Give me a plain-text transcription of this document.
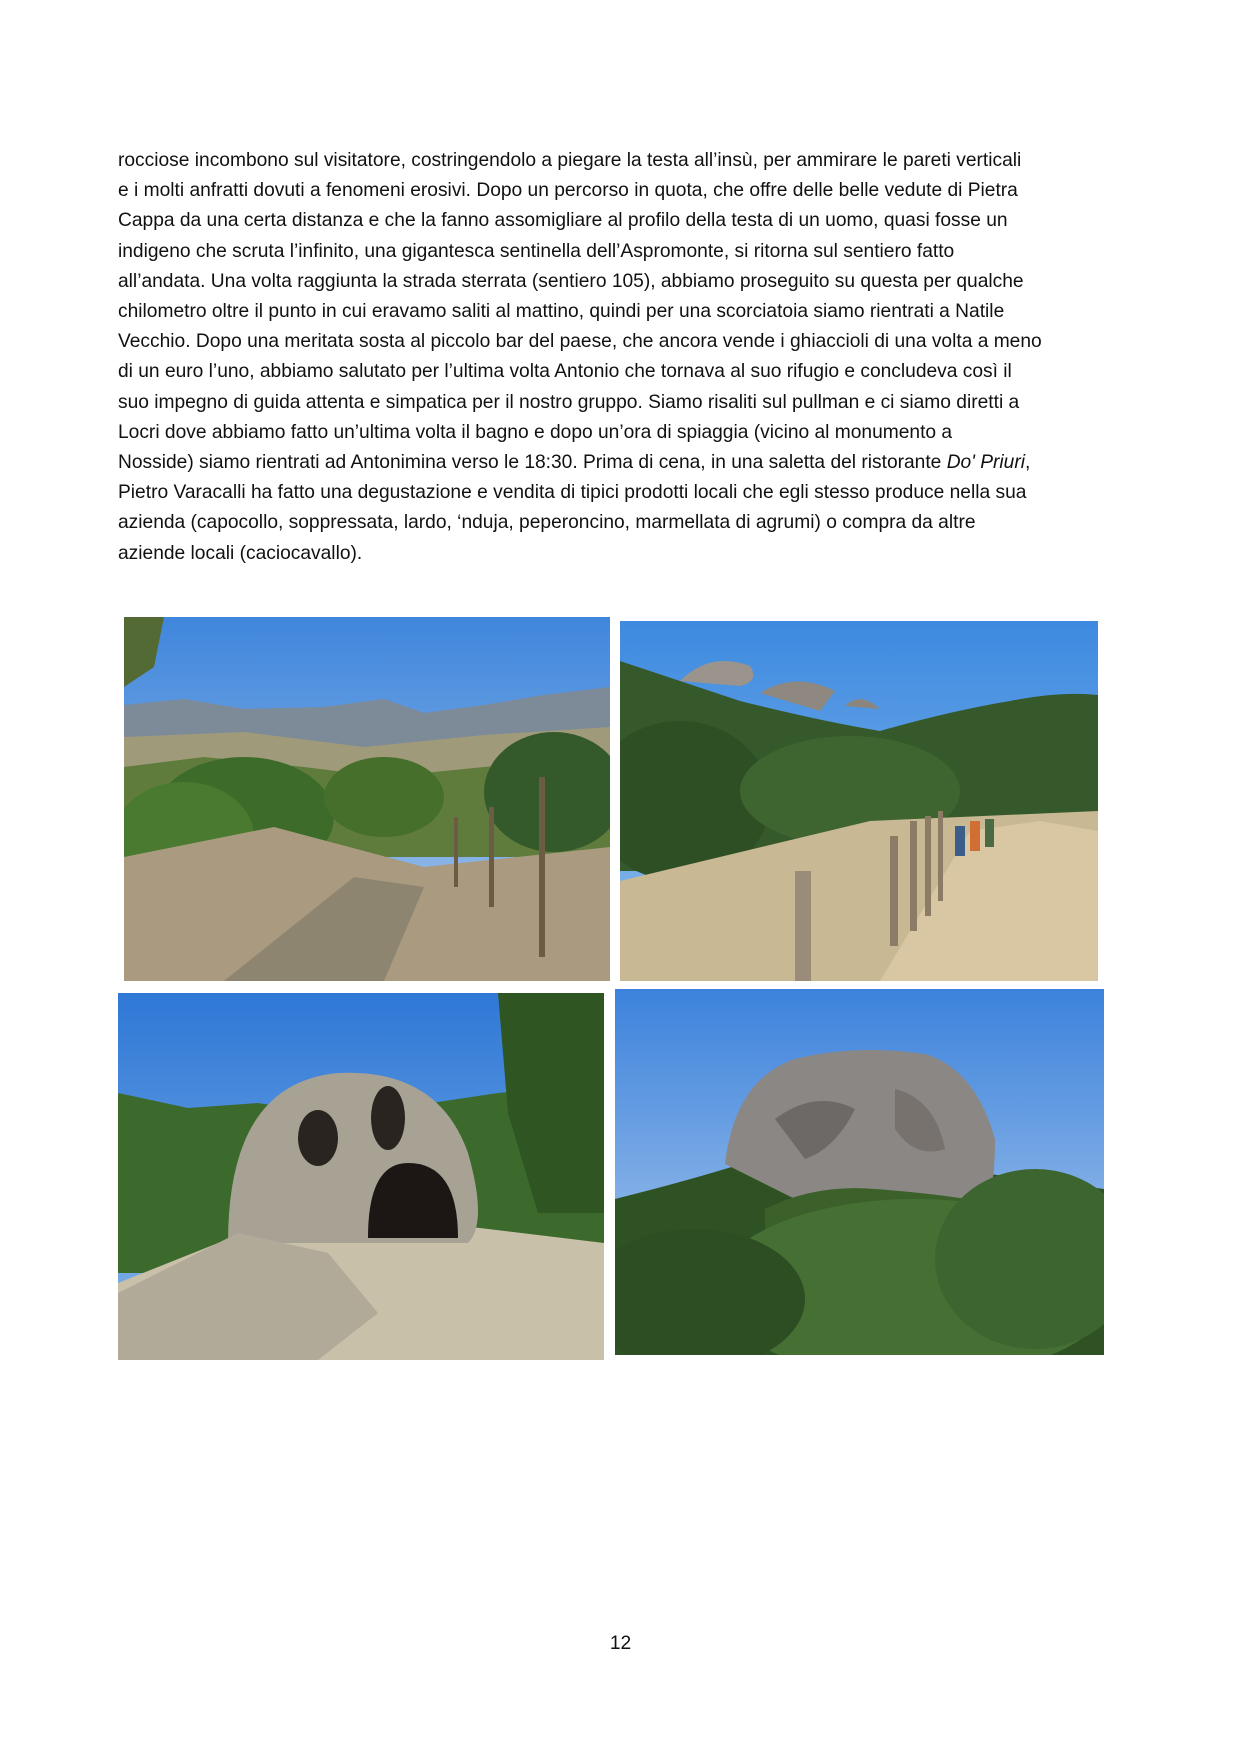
rocciose incombono sul visitatore, costringendolo a piegare la testa all’insù, per ammirare le pareti verticali
e i molti anfratti dovuti a fenomeni erosivi. Dopo un percorso in quota, che offre delle belle vedute di Pietra
Cappa da una certa distanza e che la fanno assomigliare al profilo della testa di un uomo, quasi fosse un
indigeno che scruta l’infinito, una gigantesca sentinella dell’Aspromonte, si ritorna sul sentiero fatto
all’andata. Una volta raggiunta la strada sterrata (sentiero 105), abbiamo proseguito su questa per qualche
chilometro oltre il punto in cui eravamo saliti al mattino, quindi per una scorciatoia siamo rientrati a Natile
Vecchio. Dopo una meritata sosta al piccolo bar del paese, che ancora vende i ghiaccioli di una volta a meno
di un euro l’uno, abbiamo salutato per l’ultima volta Antonio che tornava al suo rifugio e concludeva così il
suo impegno di guida attenta e simpatica per il nostro gruppo. Siamo risaliti sul pullman e ci siamo diretti a
Locri dove abbiamo fatto un’ultima volta il bagno e dopo un’ora di spiaggia (vicino al monumento a
Nosside) siamo rientrati ad Antonimina verso le 18:30. Prima di cena, in una saletta del ristorante Do' Priuri,
Pietro Varacalli ha fatto una degustazione e vendita di tipici prodotti locali che egli stesso produce nella sua
azienda (capocollo, soppressata, lardo, ‘nduja, peperoncino, marmellata di agrumi) o compra da altre
aziende locali (caciocavallo).

12
